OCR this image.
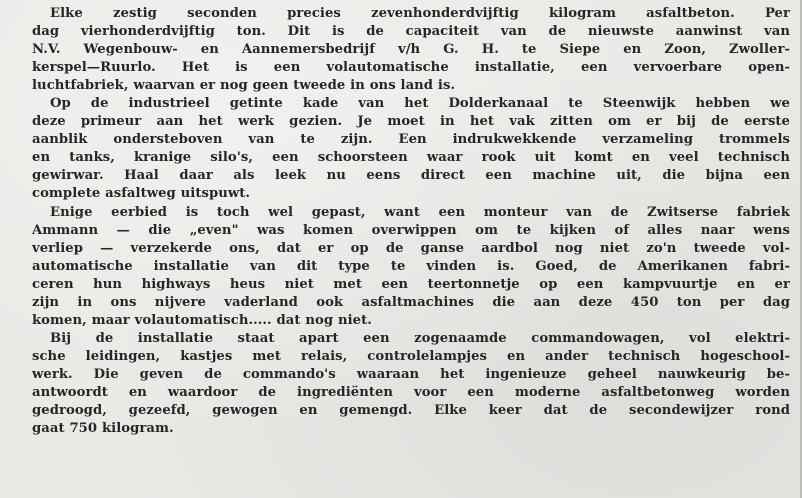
Elke zestig seconden precies zevenhonderdvijftig kilogram asfaltbeton. Per
dag vierhonderdvijftig ton. Dit is de capaciteit van de nieuwste aanwinst van
N.V. Wegenbouw- en Aannemersbedrijf v/h G. H. te Siepe en Zoon, Zwoller-
kerspel—Ruurlo. Het is een volautomatische installatie, een vervoerbare open-
luchtfabriek, waarvan er nog geen tweede in ons land is.

Op de industrieel getinte kade van het Dolderkanaal te Steenwijk hebben we
deze primeur aan het werk gezien. Je moet in het vak zitten om er bij de eerste
aanblik ondersteboven van te zijn. Een indrukwekkende verzameling trommels
en tanks, kranige silo's, een schoorsteen waar rook uit komt en veel technisch
gewirwar. Haal daar als leek nu eens direct een machine uit, die bijna een
complete asfaltweg uitspuwt.

Enige eerbied is toch wel gepast, want een monteur van de Zwitserse fabriek
Ammann — die „even" was komen overwippen om te kijken of alles naar wens
verliep — verzekerde ons, dat er op de ganse aardbol nog niet zo'n tweede vol-
automatische installatie van dit type te vinden is. Goed, de Amerikanen fabri-
ceren hun highways heus niet met een teertonnetje op een kampvuurtje en er
zijn in ons nijvere vaderland ook asfaltmachines die aan deze 450 ton per dag
komen, maar volautomatisch..... dat nog niet.

Bij de installatie staat apart een zogenaamde commandowagen, vol elektri-
sche leidingen, kastjes met relais, controlelampjes en ander technisch hogeschool-
werk. Die geven de commando's waaraan het ingenieuze geheel nauwkeurig be-
antwoordt en waardoor de ingrediënten voor een moderne asfaltbetonweg worden
gedroogd, gezeefd, gewogen en gemengd. Elke keer dat de secondewijzer rond
gaat 750 kilogram.
